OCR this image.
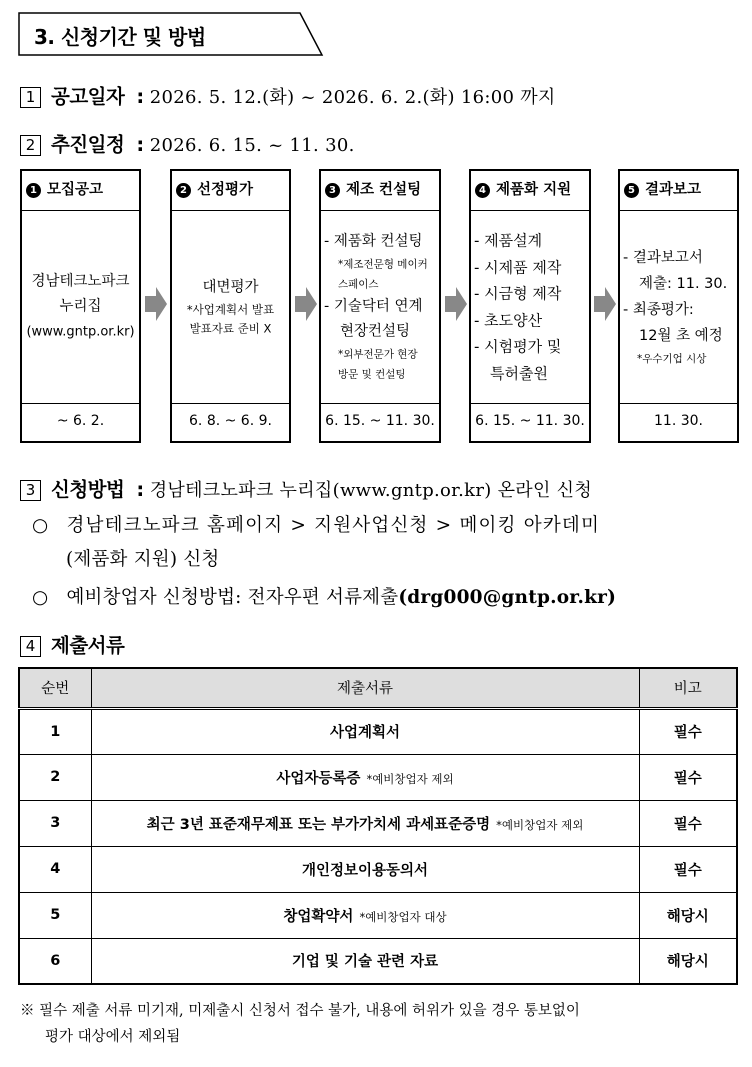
3. 신청기간 및 방법
1 공고일자 : 2026. 5. 12.(화) ~ 2026. 6. 2.(화) 16:00 까지
2 추진일정 : 2026. 6. 15. ~ 11. 30.
1 모집공고
경남테크노파크
누리집
(www.gntp.or.kr)
~ 6. 2.
2 선정평가
대면평가
*사업계획서 발표
발표자료 준비 X
6. 8. ~ 6. 9.
3 제조 컨설팅
- 제품화 컨설팅
*제조전문형 메이커
스페이스
- 기술닥터 연계
현장컨설팅
*외부전문가 현장
방문 및 컨설팅
6. 15. ~ 11. 30.
4 제품화 지원
- 제품설계
- 시제품 제작
- 시금형 제작
- 초도양산
- 시험평가 및
특허출원
6. 15. ~ 11. 30.
5 결과보고
- 결과보고서
제출: 11. 30.
- 최종평가:
12월 초 예정
*우수기업 시상
11. 30.
3 신청방법 : 경남테크노파크 누리집(www.gntp.or.kr) 온라인 신청
○ 경남테크노파크 홈페이지 > 지원사업신청 > 메이킹 아카데미
(제품화 지원) 신청
○ 예비창업자 신청방법: 전자우편 서류제출(drg000@gntp.or.kr)
4 제출서류
순번	제출서류	비고
1	사업계획서	필수
2	사업자등록증 *예비창업자 제외	필수
3	최근 3년 표준재무제표 또는 부가가치세 과세표준증명 *예비창업자 제외	필수
4	개인정보이용동의서	필수
5	창업확약서 *예비창업자 대상	해당시
6	기업 및 기술 관련 자료	해당시
※ 필수 제출 서류 미기재, 미제출시 신청서 접수 불가, 내용에 허위가 있을 경우 통보없이
평가 대상에서 제외됨
